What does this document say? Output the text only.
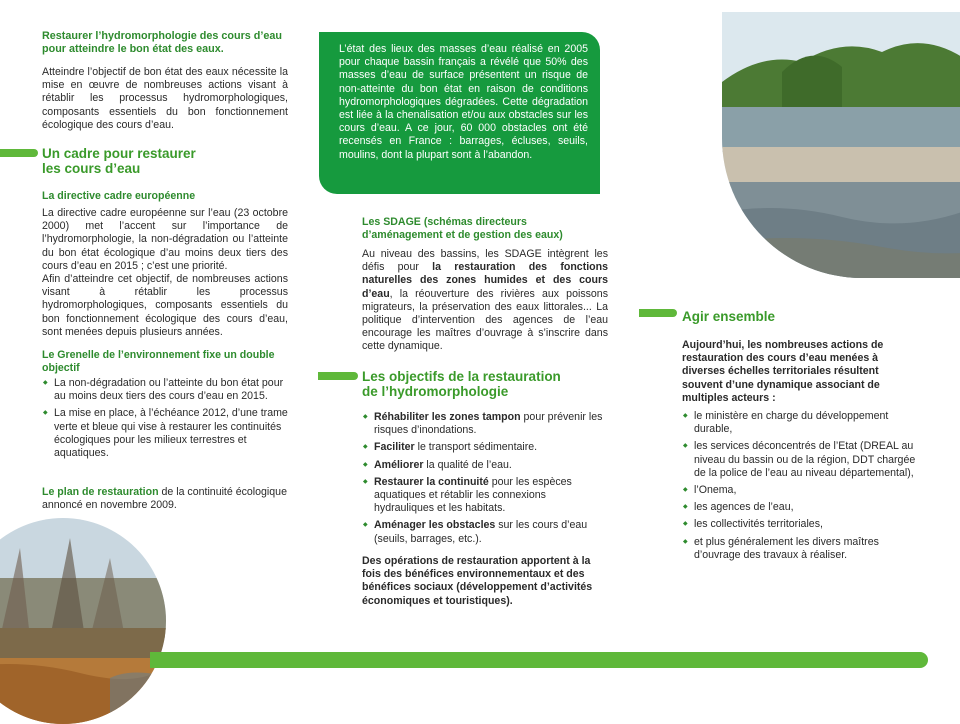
Restaurer l’hydromorphologie des cours d’eau pour atteindre le bon état des eaux.

Atteindre l’objectif de bon état des eaux nécessite la mise en œuvre de nombreuses actions visant à rétablir les processus hydromorphologiques, composants essentiels du bon fonctionnement écologique des cours d’eau.

Un cadre pour restaurer
les cours d’eau

La directive cadre européenne

La directive cadre européenne sur l’eau (23 octobre 2000) met l’accent sur l’importance de l’hydromorphologie, la non-dégradation ou l’atteinte du bon état écologique d’au moins deux tiers des cours d’eau en 2015 ; c’est une priorité.

Afin d’atteindre cet objectif, de nombreuses actions visant à rétablir les processus hydromorphologiques, composants essentiels du bon fonctionnement écologique des cours d’eau, sont menées depuis plusieurs années.

Le Grenelle de l’environnement fixe un double objectif

◆ La non-dégradation ou l’atteinte du bon état pour au moins deux tiers des cours d’eau en 2015.
◆ La mise en place, à l’échéance 2012, d’une trame verte et bleue qui vise à restaurer les continuités écologiques pour les milieux terrestres et aquatiques.

Le plan de restauration de la continuité écologique annoncé en novembre 2009.

L’état des lieux des masses d’eau réalisé en 2005 pour chaque bassin français a révélé que 50% des masses d’eau de surface présentent un risque de non-atteinte du bon état en raison de conditions hydromorphologiques dégradées. Cette dégradation est liée à la chenalisation et/ou aux obstacles sur les cours d’eau. A ce jour, 60 000 obstacles ont été recensés en France : barrages, écluses, seuils, moulins, dont la plupart sont à l’abandon.

Les SDAGE (schémas directeurs d’aménagement et de gestion des eaux)

Au niveau des bassins, les SDAGE intègrent les défis pour la restauration des fonctions naturelles des zones humides et des cours d’eau, la réouverture des rivières aux poissons migrateurs, la préservation des eaux littorales... La politique d’intervention des agences de l’eau encourage les maîtres d’ouvrage à s’inscrire dans cette dynamique.

Les objectifs de la restauration
de l’hydromorphologie
◆ Réhabiliter les zones tampon pour prévenir les risques d’inondations.
◆ Faciliter le transport sédimentaire.
◆ Améliorer la qualité de l’eau.
◆ Restaurer la continuité pour les espèces aquatiques et rétablir les connexions hydrauliques et les habitats.
◆ Aménager les obstacles sur les cours d’eau (seuils, barrages, etc.).

Des opérations de restauration apportent à la fois des bénéfices environnementaux et des bénéfices sociaux (développement d’activités économiques et touristiques).

Agir ensemble

Aujourd’hui, les nombreuses actions de restauration des cours d’eau menées à diverses échelles territoriales résultent souvent d’une dynamique associant de multiples acteurs :

◆ le ministère en charge du développement durable,
◆ les services déconcentrés de l’Etat (DREAL au niveau du bassin ou de la région, DDT chargée de la police de l’eau au niveau départemental),
◆ l’Onema,
◆ les agences de l’eau,
◆ les collectivités territoriales,
◆ et plus généralement les divers maîtres d’ouvrage des travaux à réaliser.
